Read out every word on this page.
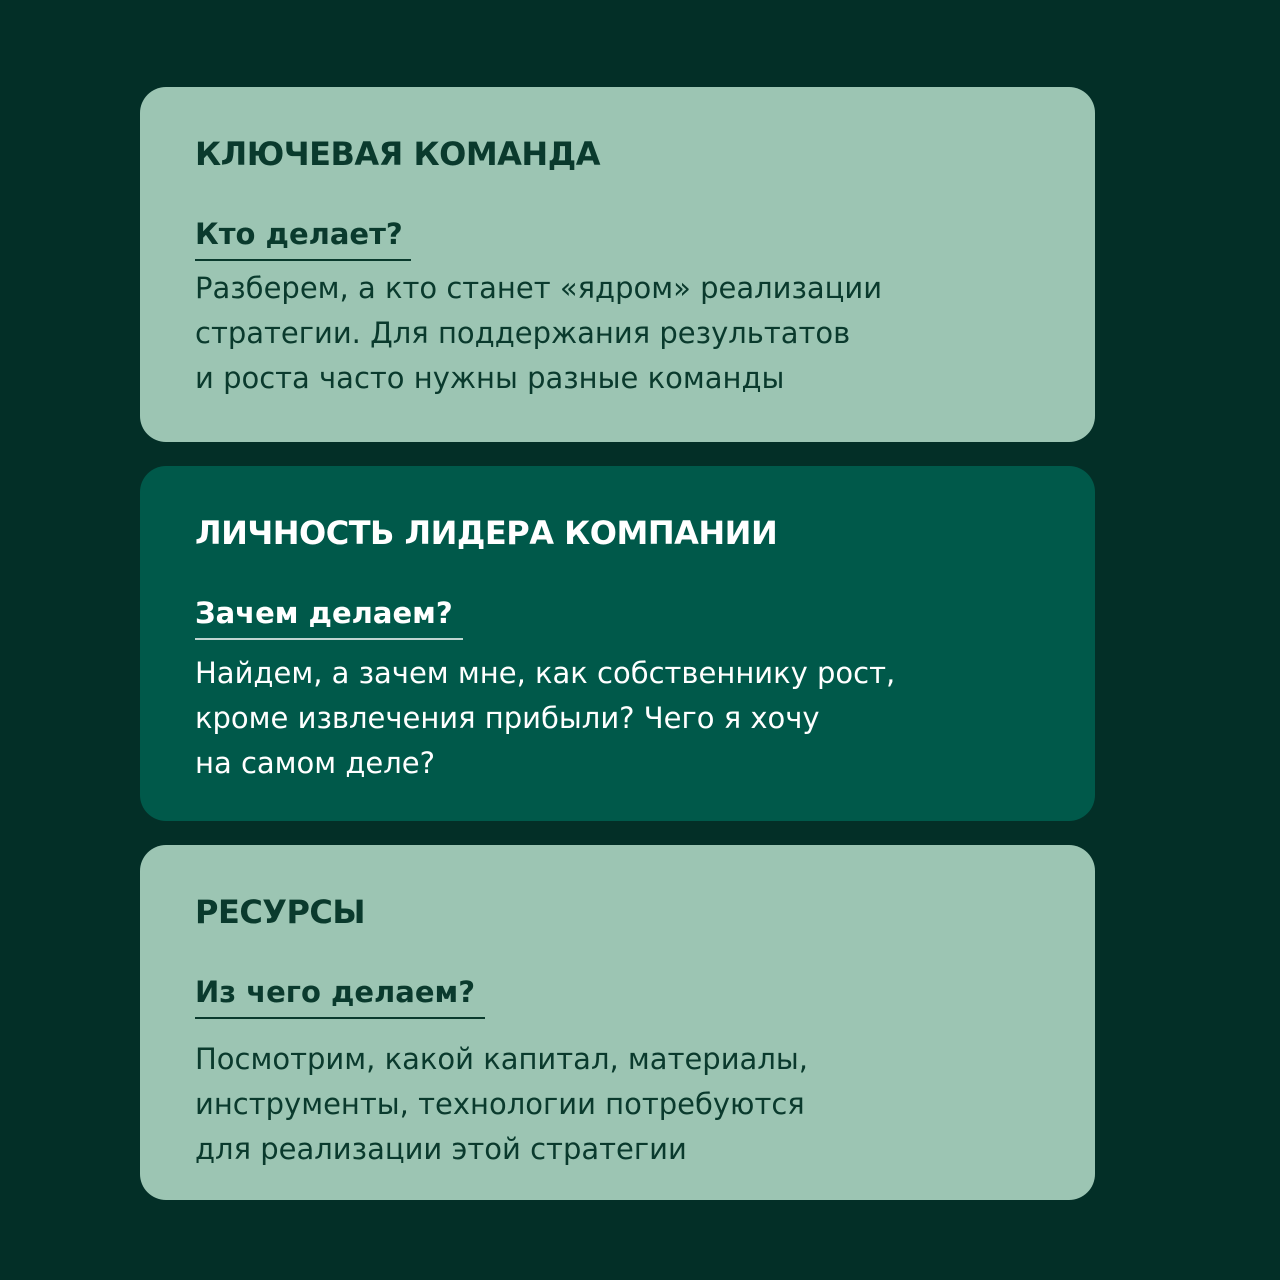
КЛЮЧЕВАЯ КОМАНДА
Кто делает?
Разберем, а кто станет «ядром» реализации
стратегии. Для поддержания результатов
и роста часто нужны разные команды
ЛИЧНОСТЬ ЛИДЕРА КОМПАНИИ
Зачем делаем?
Найдем, а зачем мне, как собственнику рост,
кроме извлечения прибыли? Чего я хочу
на самом деле?
РЕСУРСЫ
Из чего делаем?
Посмотрим, какой капитал, материалы,
инструменты, технологии потребуются
для реализации этой стратегии
